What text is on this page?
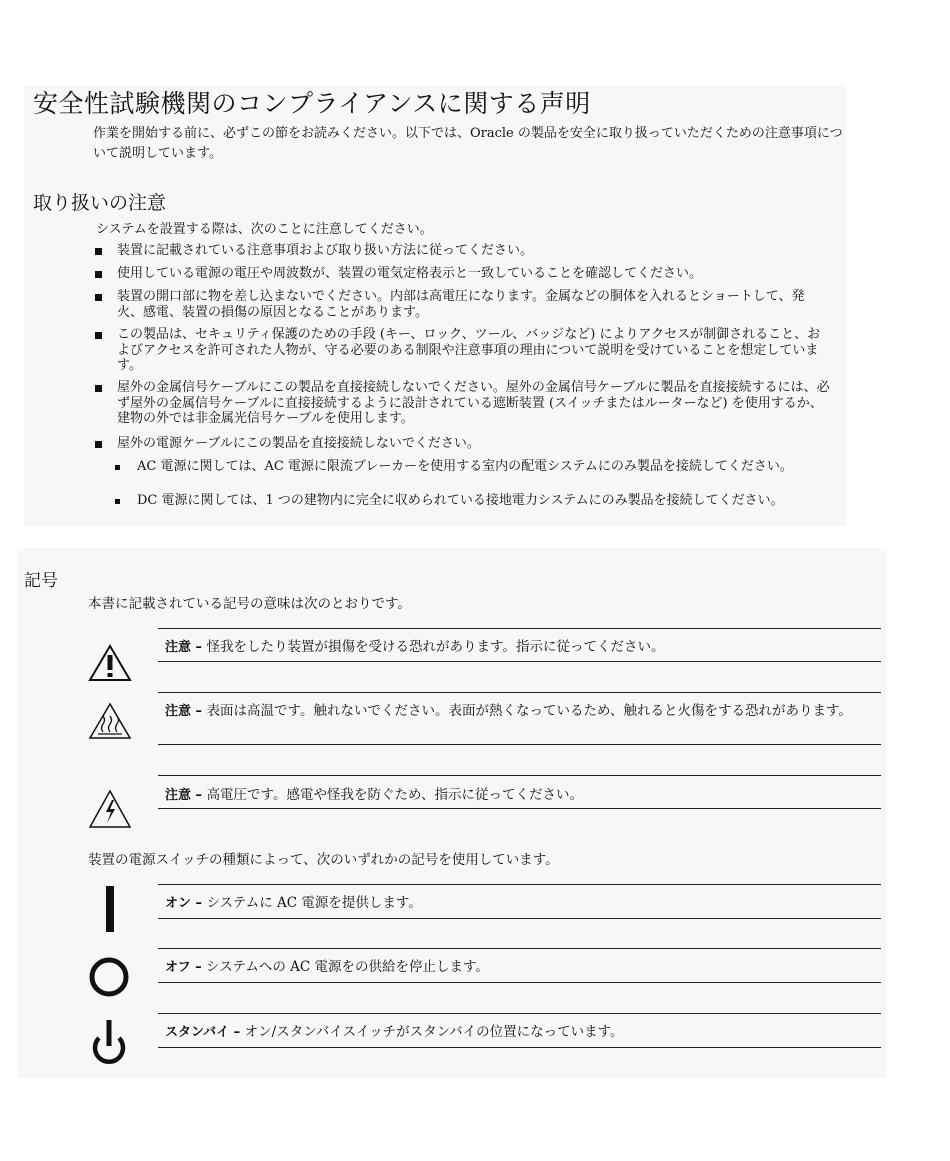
安全性試験機関のコンプライアンスに関する声明
作業を開始する前に、必ずこの節をお読みください。以下では、Oracle の製品を安全に取り扱っていただくための注意事項について説明しています。
取り扱いの注意
システムを設置する際は、次のことに注意してください。
装置に記載されている注意事項および取り扱い方法に従ってください。
使用している電源の電圧や周波数が、装置の電気定格表示と一致していることを確認してください。
装置の開口部に物を差し込まないでください。内部は高電圧になります。金属などの胴体を入れるとショートして、発火、感電、装置の損傷の原因となることがあります。
この製品は、セキュリティ保護のための手段 (キー、ロック、ツール、バッジなど) によりアクセスが制御されること、およびアクセスを許可された人物が、守る必要のある制限や注意事項の理由について説明を受けていることを想定しています。
屋外の金属信号ケーブルにこの製品を直接接続しないでください。屋外の金属信号ケーブルに製品を直接接続するには、必ず屋外の金属信号ケーブルに直接接続するように設計されている遮断装置 (スイッチまたはルーターなど) を使用するか、建物の外では非金属光信号ケーブルを使用します。
屋外の電源ケーブルにこの製品を直接接続しないでください。
AC 電源に関しては、AC 電源に限流ブレーカーを使用する室内の配電システムにのみ製品を接続してください。
DC 電源に関しては、1 つの建物内に完全に収められている接地電力システムにのみ製品を接続してください。
記号
本書に記載されている記号の意味は次のとおりです。
注意 – 怪我をしたり装置が損傷を受ける恐れがあります。指示に従ってください。
注意 – 表面は高温です。触れないでください。表面が熱くなっているため、触れると火傷をする恐れがあります。
注意 – 高電圧です。感電や怪我を防ぐため、指示に従ってください。
装置の電源スイッチの種類によって、次のいずれかの記号を使用しています。
オン – システムに AC 電源を提供します。
オフ – システムへの AC 電源をの供給を停止します。
スタンバイ – オン/スタンバイスイッチがスタンバイの位置になっています。
